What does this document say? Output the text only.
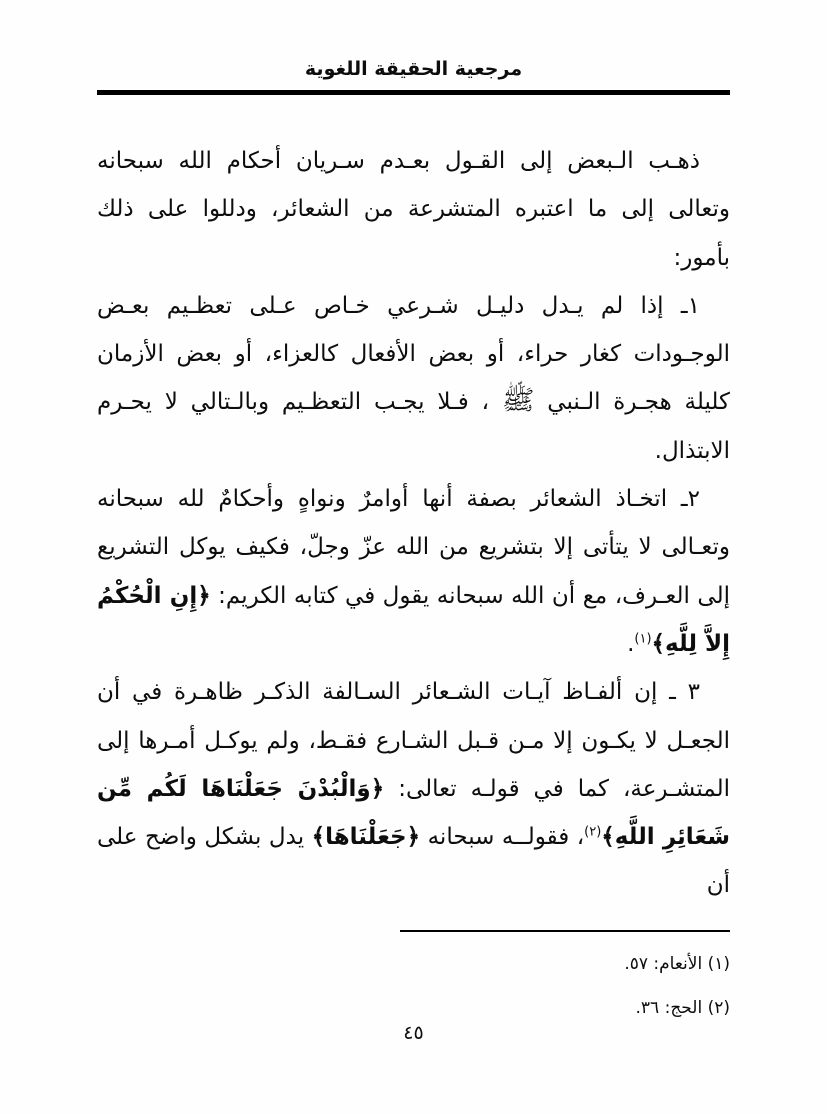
مرجعية الحقيقة اللغوية

ذهـب الـبعض إلى القـول بعـدم سـريان أحكام الله سبحانه وتعالى إلى ما اعتبره المتشرعة من الشعائر، ودللوا على ذلك بأمور:

١ـ إذا لم يـدل دليـل شـرعي خـاص عـلى تعظـيم بعـض الوجـودات كغار حراء، أو بعض الأفعال كالعزاء، أو بعض الأزمان كليلة هجـرة الـنبي ﷺ ، فـلا يجـب التعظـيم وبالـتالي لا يحـرم الابتذال.

٢ـ اتخـاذ الشعائر بصفة أنها أوامرٌ ونواهٍ وأحكامٌ لله سبحانه وتعـالى لا يتأتى إلا بتشريع من الله عزّ وجلّ، فكيف يوكل التشريع إلى العـرف، مع أن الله سبحانه يقول في كتابه الكريم: ﴿إِنِ الْحُكْمُ إِلاَّ لِلَّهِ﴾$^{(١)}$.

٣ ـ إن ألفـاظ آيـات الشـعائر السـالفة الذكـر ظاهـرة في أن الجعـل لا يكـون إلا مـن قـبل الشـارع فقـط، ولم يوكـل أمـرها إلى المتشـرعة، كما في قولـه تعالى: ﴿وَالْبُدْنَ جَعَلْنَاهَا لَكُم مِّن شَعَائِرِ اللَّهِ﴾$^{(٢)}$، فقولــه سبحانه ﴿جَعَلْنَاهَا﴾ يدل بشكل واضح على أن

(١) الأنعام: ٥٧.

(٢) الحج: ٣٦.

٤٥
